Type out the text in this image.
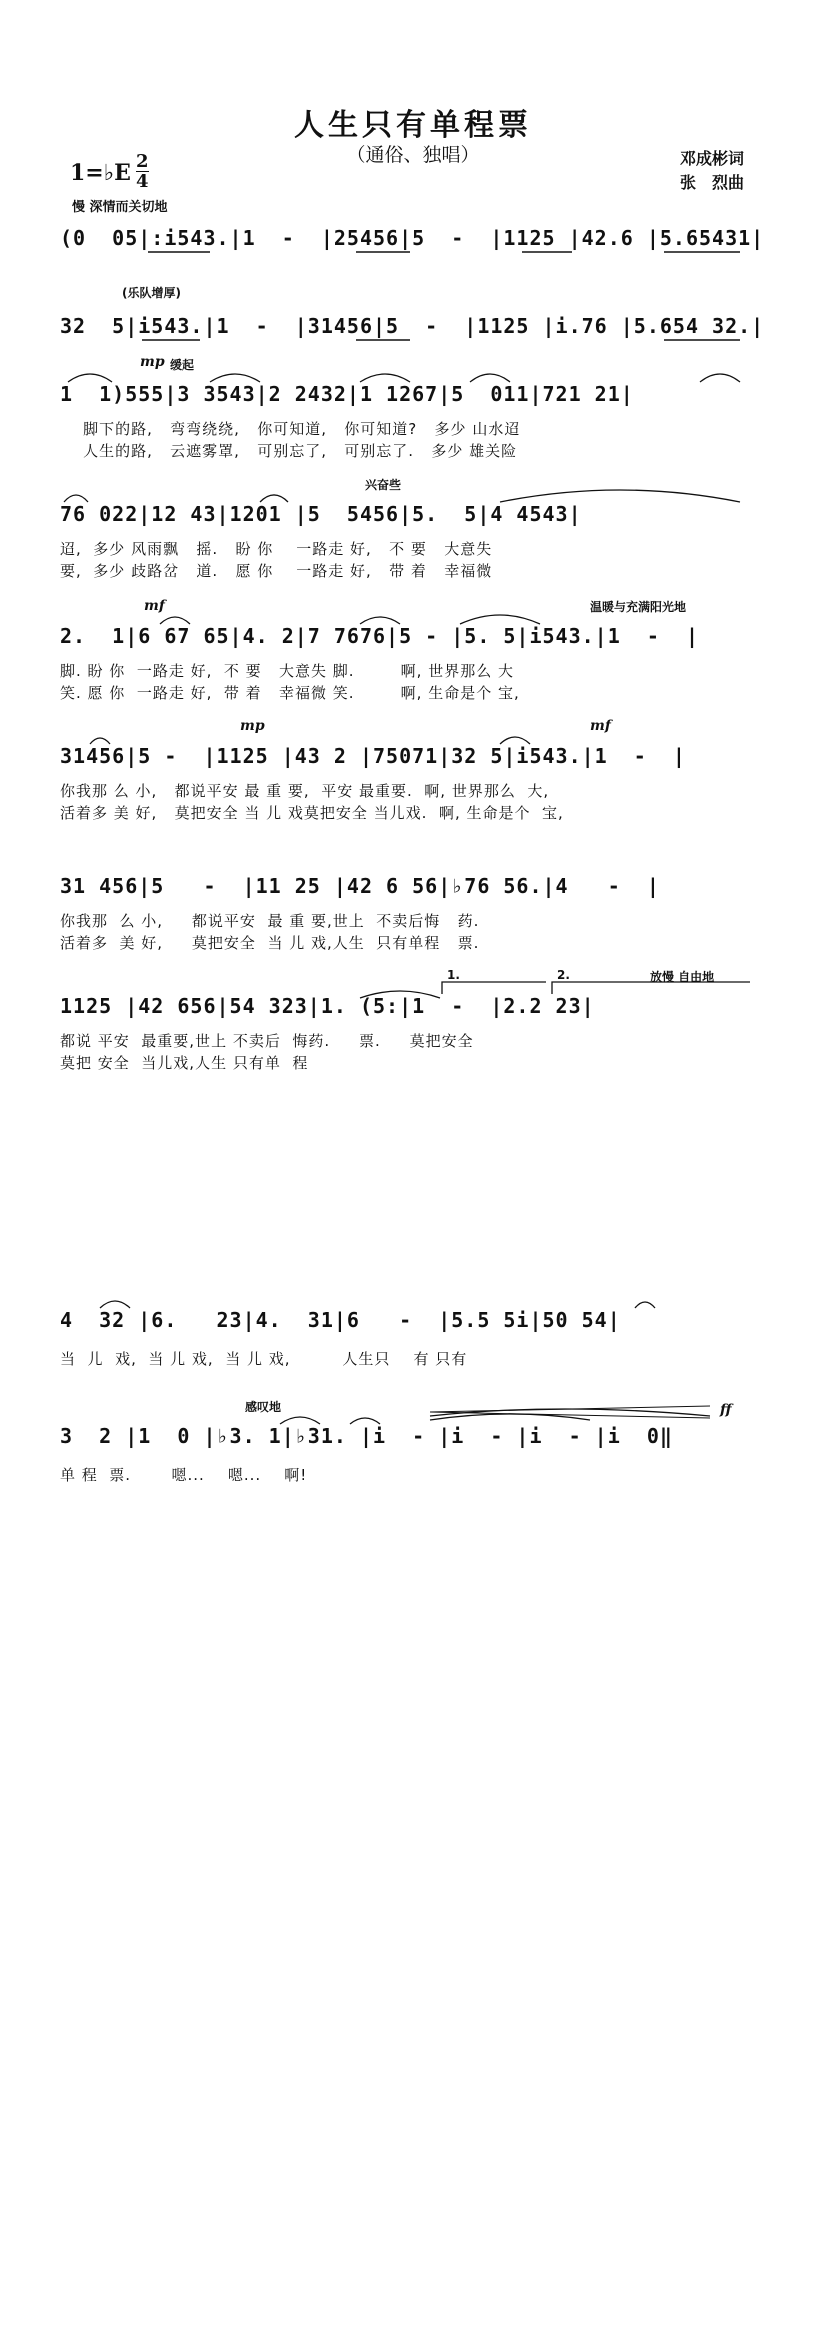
人生只有单程票
（通俗、独唱）	邓成彬词
张　烈曲
1=♭E 2
4
慢 深情而关切地
(0  05|:i543.|1  -  |25456|5  -  |1125 |42.6 |5.65431|
(乐队增厚)
32  5|i543.|1  -  |31456|5  -  |1125 |i.76 |5.654 32.|
mp 缓起
1  1)555|3 3543|2 2432|1 1267|5  011|721 21|
脚下的路,   弯弯绕绕,   你可知道,   你可知道?   多少 山水迢
人生的路,   云遮雾罩,   可别忘了,   可别忘了.   多少 雄关险
兴奋些
76 022|12 43|1201 |5  5456|5.  5|4 4543|
迢,  多少 风雨飘   摇.   盼 你    一路走 好,   不 要   大意失
要,  多少 歧路岔   道.   愿 你    一路走 好,   带 着   幸福微
mf	温暖与充满阳光地
2.  1|6 67 65|4. 2|7 7676|5 - |5. 5|i543.|1  -  |
脚. 盼 你  一路走 好,  不 要   大意失 脚.        啊, 世界那么 大
笑. 愿 你  一路走 好,  带 着   幸福微 笑.        啊, 生命是个 宝,
mp	mf
31456|5 -  |1125 |43 2 |75071|32 5|i543.|1  -  |
你我那 么 小,   都说平安 最 重 要,  平安 最重要.  啊, 世界那么  大,
活着多 美 好,   莫把安全 当 儿 戏莫把安全 当儿戏.  啊, 生命是个  宝,
31 456|5   -  |11 25 |42 6 56|♭76 56.|4   -  |
你我那  么 小,     都说平安  最 重 要,世上  不卖后悔   药.
活着多  美 好,     莫把安全  当 儿 戏,人生  只有单程   票.
1.	2.	放慢 自由地
1125 |42 656|54 323|1. (5:|1  -  |2.2 23|
都说 平安  最重要,世上 不卖后  悔药.     票.     莫把安全
莫把 安全  当儿戏,人生 只有单  程
4  32 |6.   23|4.  31|6   -  |5.5 5i|50 54|
当  儿  戏,  当 儿 戏,  当 儿 戏,         人生只    有 只有
感叹地	ff
3  2 |1  0 |♭3. 1|♭31. |i  - |i  - |i  - |i  0‖
单 程  票.       嗯...    嗯...    啊!
